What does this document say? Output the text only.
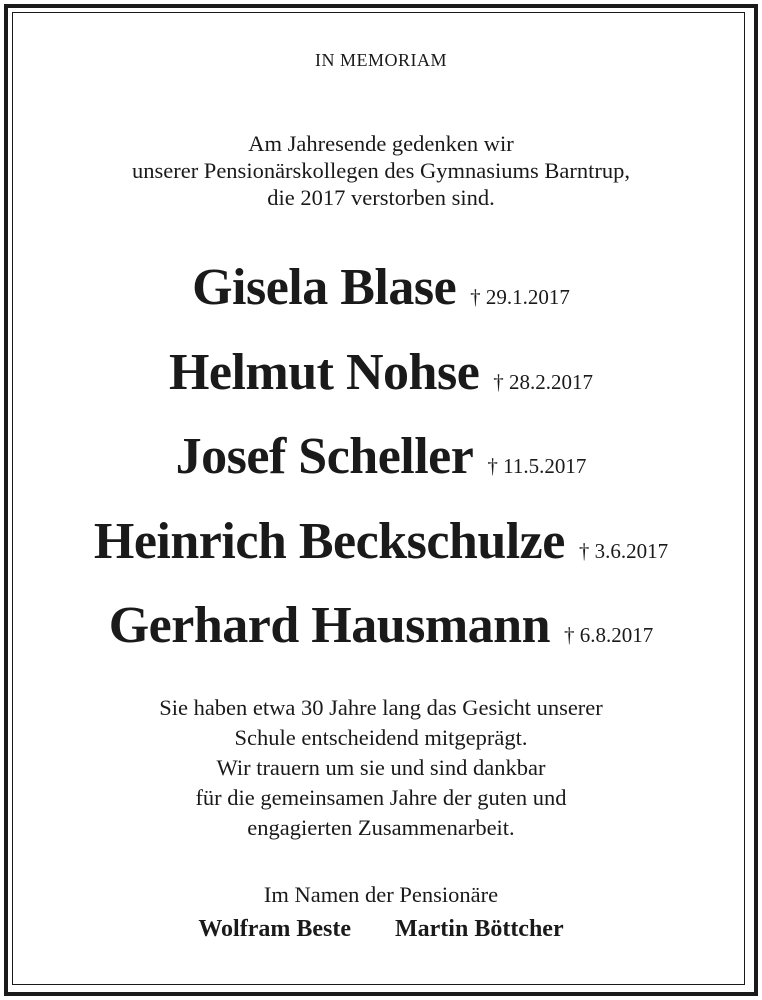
IN MEMORIAM
Am Jahresende gedenken wir
unserer Pensionärskollegen des Gymnasiums Barntrup,
die 2017 verstorben sind.
Gisela Blase † 29.1.2017
Helmut Nohse † 28.2.2017
Josef Scheller † 11.5.2017
Heinrich Beckschulze † 3.6.2017
Gerhard Hausmann † 6.8.2017
Sie haben etwa 30 Jahre lang das Gesicht unserer
Schule entscheidend mitgeprägt.
Wir trauern um sie und sind dankbar
für die gemeinsamen Jahre der guten und
engagierten Zusammenarbeit.
Im Namen der Pensionäre
Wolfram Beste Martin Böttcher
